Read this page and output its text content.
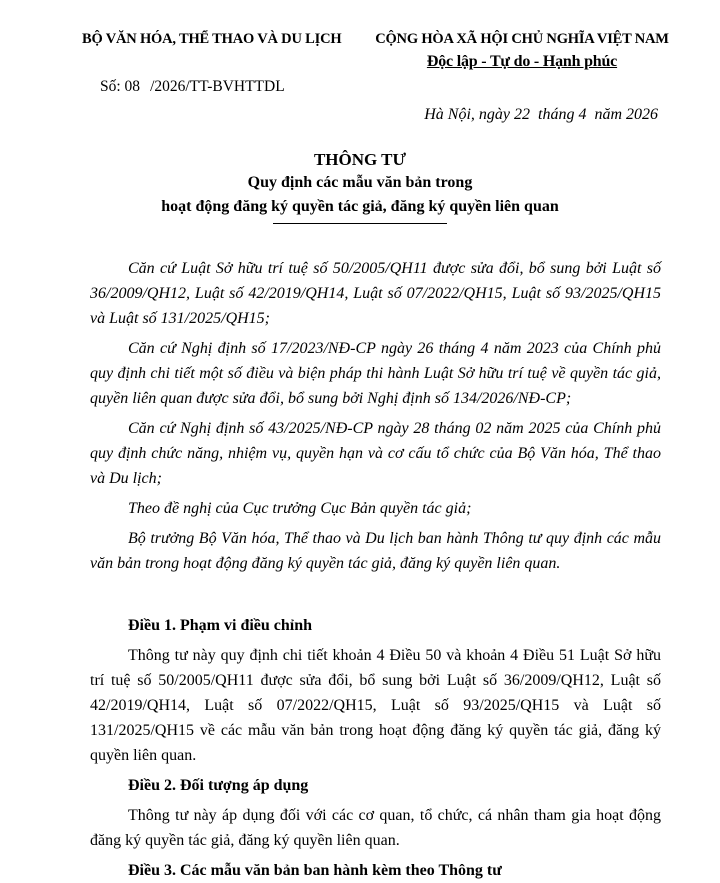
BỘ VĂN HÓA, THỂ THAO VÀ DU LỊCH CỘNG HÒA XÃ HỘI CHỦ NGHĨA VIỆT NAM
Độc lập - Tự do - Hạnh phúc
Số: 08 /2026/TT-BVHTTDL
Hà Nội, ngày 22  tháng 4  năm 2026
THÔNG TƯ
Quy định các mẫu văn bản trong
hoạt động đăng ký quyền tác giả, đăng ký quyền liên quan

Căn cứ Luật Sở hữu trí tuệ số 50/2005/QH11 được sửa đổi, bổ sung bởi Luật số 36/2009/QH12, Luật số 42/2019/QH14, Luật số 07/2022/QH15, Luật số 93/2025/QH15 và Luật số 131/2025/QH15;

Căn cứ Nghị định số 17/2023/NĐ-CP ngày 26 tháng 4 năm 2023 của Chính phủ quy định chi tiết một số điều và biện pháp thi hành Luật Sở hữu trí tuệ về quyền tác giả, quyền liên quan được sửa đổi, bổ sung bởi Nghị định số 134/2026/NĐ-CP;

Căn cứ Nghị định số 43/2025/NĐ-CP ngày 28 tháng 02 năm 2025 của Chính phủ quy định chức năng, nhiệm vụ, quyền hạn và cơ cấu tổ chức của Bộ Văn hóa, Thể thao và Du lịch;

Theo đề nghị của Cục trưởng Cục Bản quyền tác giả;

Bộ trưởng Bộ Văn hóa, Thể thao và Du lịch ban hành Thông tư quy định các mẫu văn bản trong hoạt động đăng ký quyền tác giả, đăng ký quyền liên quan.

Điều 1. Phạm vi điều chỉnh

Thông tư này quy định chi tiết khoản 4 Điều 50 và khoản 4 Điều 51 Luật Sở hữu trí tuệ số 50/2005/QH11 được sửa đổi, bổ sung bởi Luật số 36/2009/QH12, Luật số 42/2019/QH14, Luật số 07/2022/QH15, Luật số 93/2025/QH15 và Luật số 131/2025/QH15 về các mẫu văn bản trong hoạt động đăng ký quyền tác giả, đăng ký quyền liên quan.

Điều 2. Đối tượng áp dụng

Thông tư này áp dụng đối với các cơ quan, tổ chức, cá nhân tham gia hoạt động đăng ký quyền tác giả, đăng ký quyền liên quan.

Điều 3. Các mẫu văn bản ban hành kèm theo Thông tư
